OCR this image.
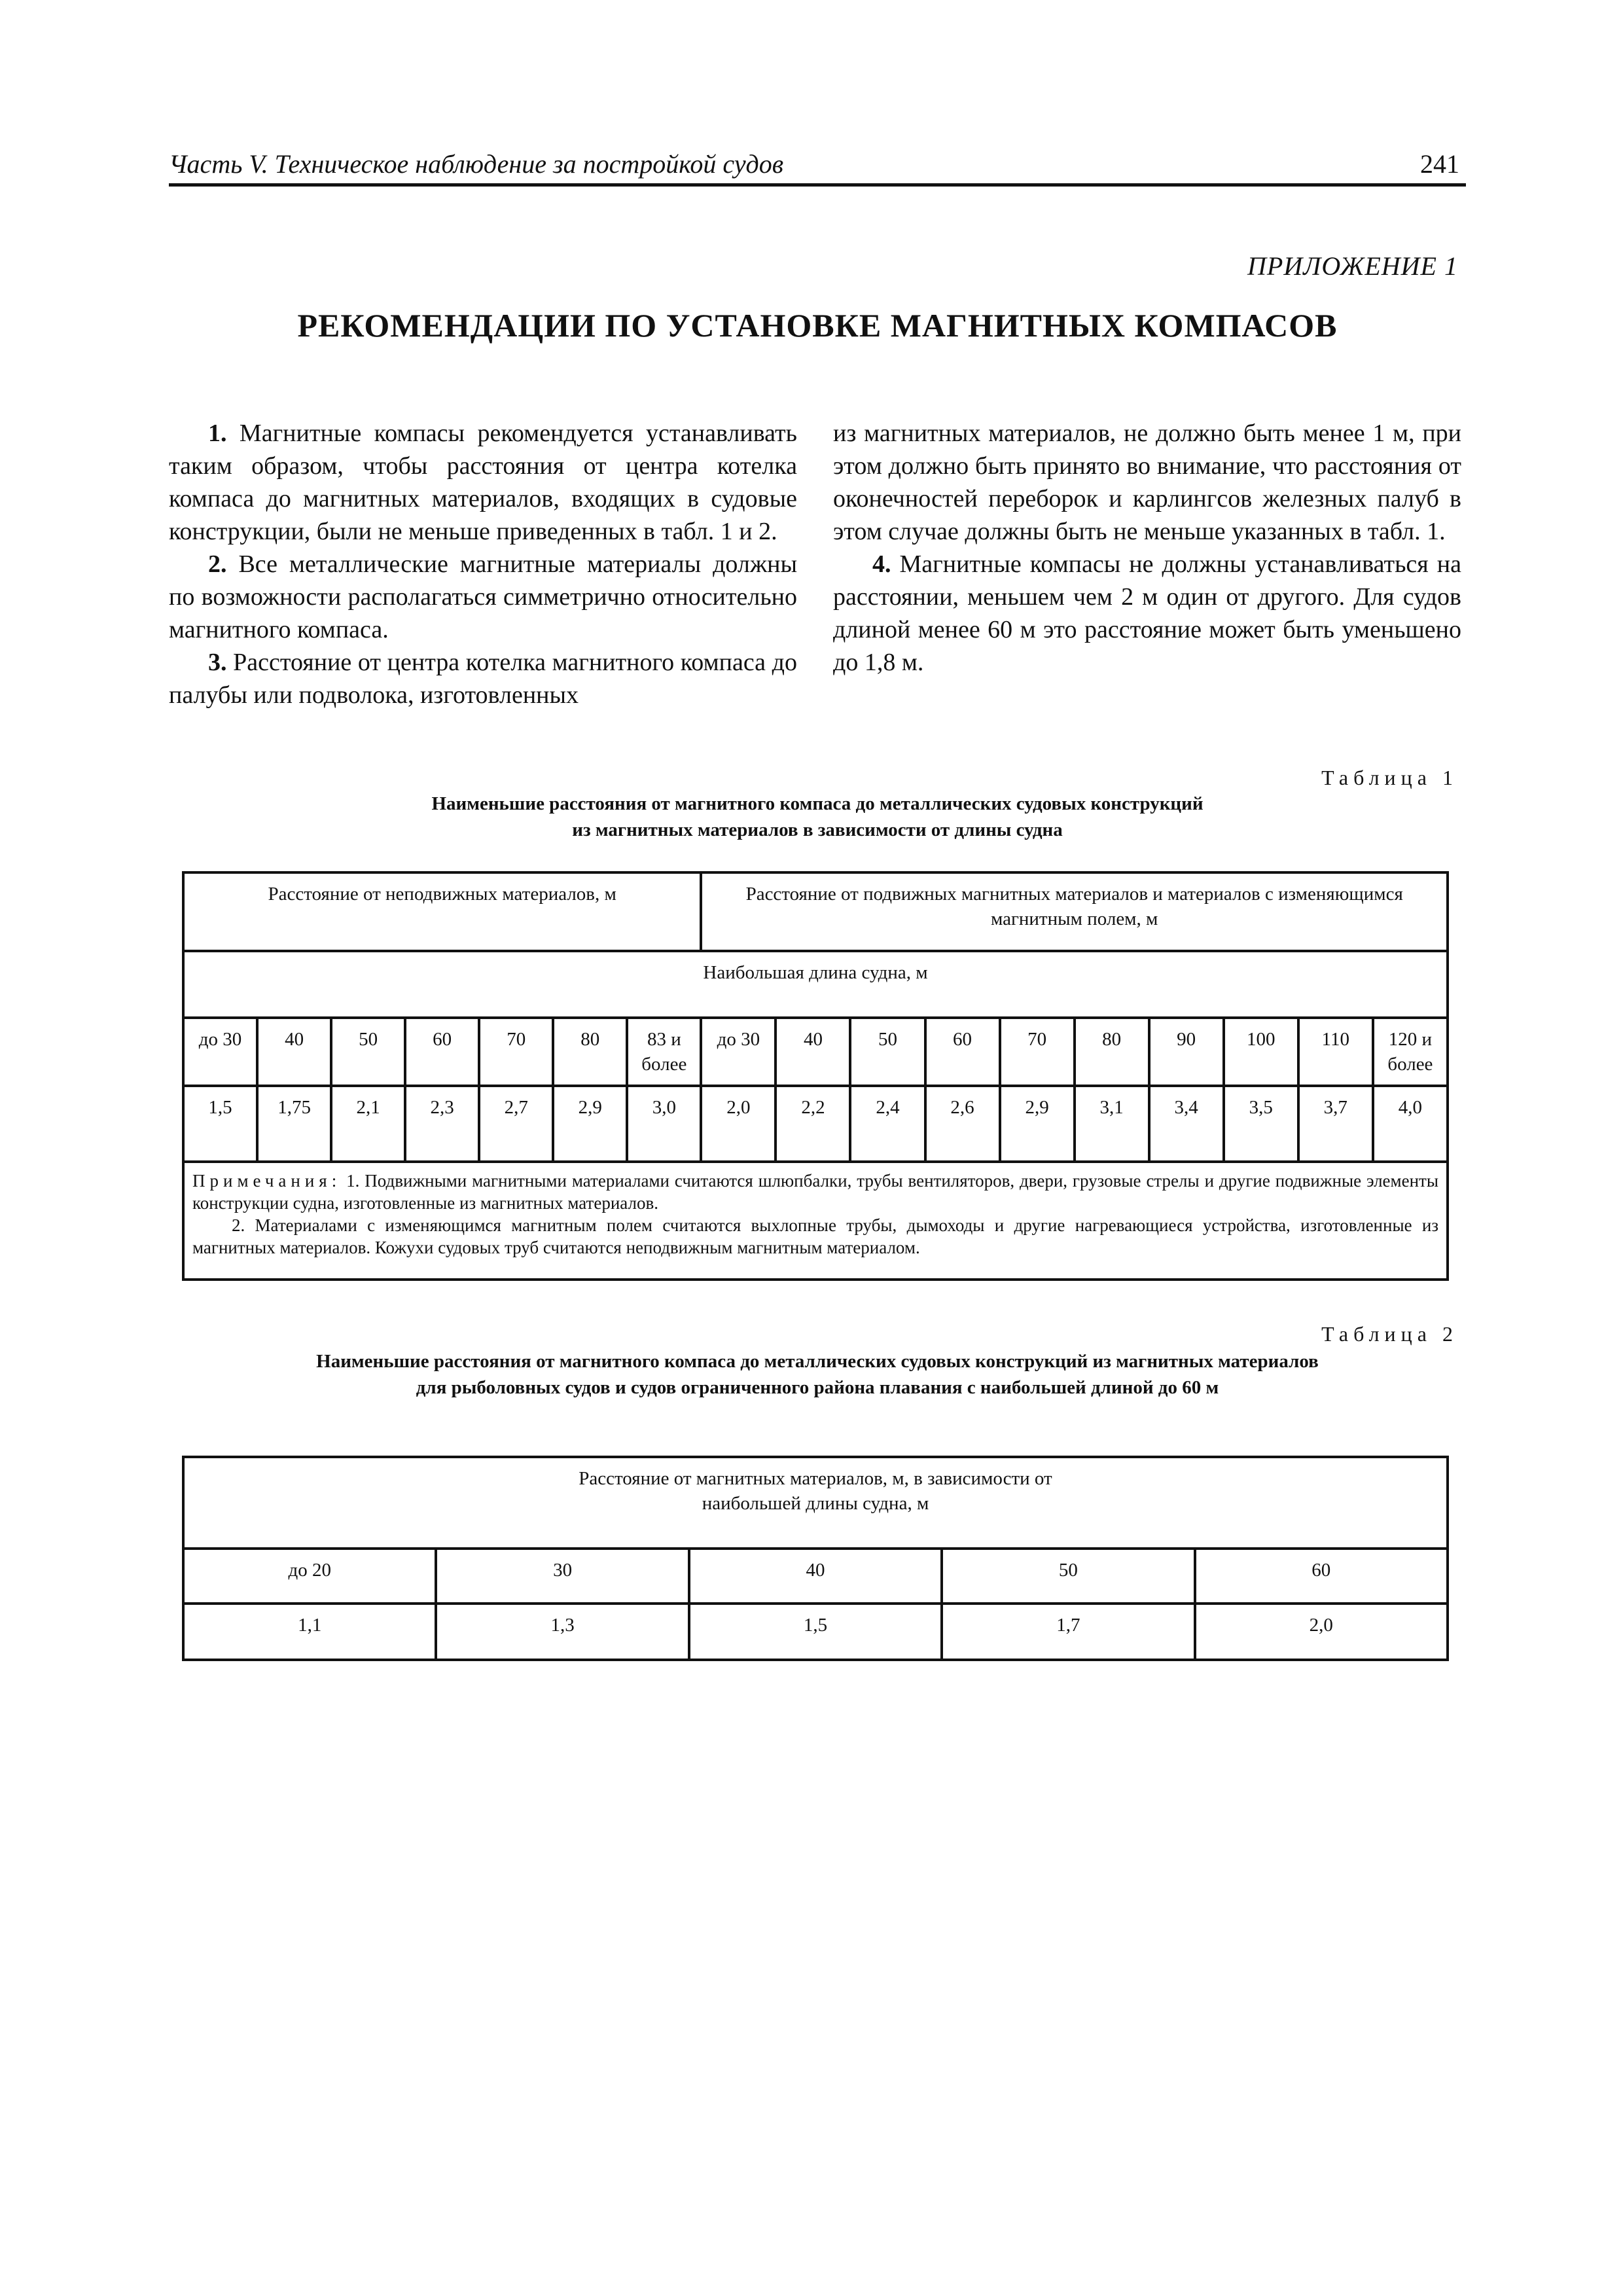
Часть V. Техническое наблюдение за постройкой судов	241
ПРИЛОЖЕНИЕ 1
РЕКОМЕНДАЦИИ ПО УСТАНОВКЕ МАГНИТНЫХ КОМПАСОВ

1. Магнитные компасы рекомендуется устанавливать таким образом, чтобы расстояния от центра котелка компаса до магнитных материалов, входящих в судовые конструкции, были не меньше приведенных в табл. 1 и 2.

2. Все металлические магнитные материалы должны по возможности располагаться симметрично относительно магнитного компаса.

3. Расстояние от центра котелка магнитного компаса до палубы или подволока, изготовленных

из магнитных материалов, не должно быть менее 1 м, при этом должно быть принято во внимание, что расстояния от оконечностей переборок и карлингсов железных палуб в этом случае должны быть не меньше указанных в табл. 1.

4. Магнитные компасы не должны устанавливаться на расстоянии, меньшем чем 2 м один от другого. Для судов длиной менее 60 м это расстояние может быть уменьшено до 1,8 м.

Таблица 1
Наименьшие расстояния от магнитного компаса до металлических судовых конструкций
из магнитных материалов в зависимости от длины судна
Расстояние от неподвижных материалов, м							Расстояние от подвижных магнитных материалов и материалов с изменяющимся магнитным полем, м									
Наибольшая длина судна, м																
до 30	40	50	60	70	80	83 и более	до 30	40	50	60	70	80	90	100	110	120 и более
1,5	1,75	2,1	2,3	2,7	2,9	3,0	2,0	2,2	2,4	2,6	2,9	3,1	3,4	3,5	3,7	4,0

Примечания: 1. Подвижными магнитными материалами считаются шлюпбалки, трубы вентиляторов, двери, грузовые стрелы и другие подвижные элементы конструкции судна, изготовленные из магнитных материалов.

2. Материалами с изменяющимся магнитным полем считаются выхлопные трубы, дымоходы и другие нагревающиеся устройства, изготовленные из магнитных материалов. Кожухи судовых труб считаются неподвижным магнитным материалом.																

Таблица 2
Наименьшие расстояния от магнитного компаса до металлических судовых конструкций из магнитных материалов
для рыболовных судов и судов ограниченного района плавания с наибольшей длиной до 60 м
Расстояние от магнитных материалов, м, в зависимости от наибольшей длины судна, м				

до 20	30	40	50	60
1,1	1,3	1,5	1,7	2,0
